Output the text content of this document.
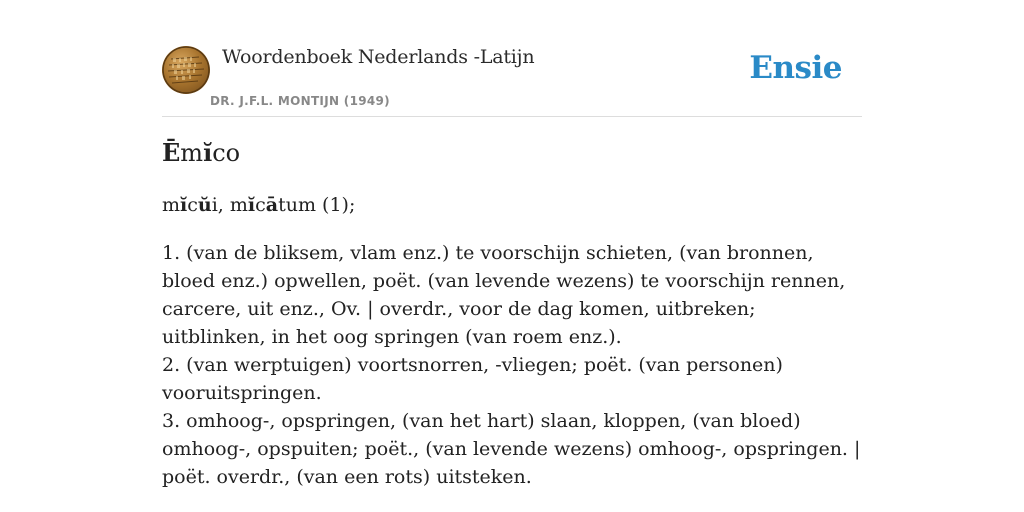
Woordenboek Nederlands -Latijn
DR. J.F.L. MONTIJN (1949)
Ensie
Ēmĭco

mĭcŭi, mĭcātum (1);

1. (van de bliksem, vlam enz.) te voorschijn schieten, (van bronnen, bloed enz.) opwellen, poët. (van levende wezens) te voorschijn rennen, carcere, uit enz., Ov. | overdr., voor de dag komen, uitbreken; uitblinken, in het oog springen (van roem enz.).
2. (van werptuigen) voortsnorren, -vliegen; poët. (van personen) vooruitspringen.
3. omhoog-, opspringen, (van het hart) slaan, kloppen, (van bloed) omhoog-, opspuiten; poët., (van levende wezens) omhoog-, opspringen. | poët. overdr., (van een rots) uitsteken.
